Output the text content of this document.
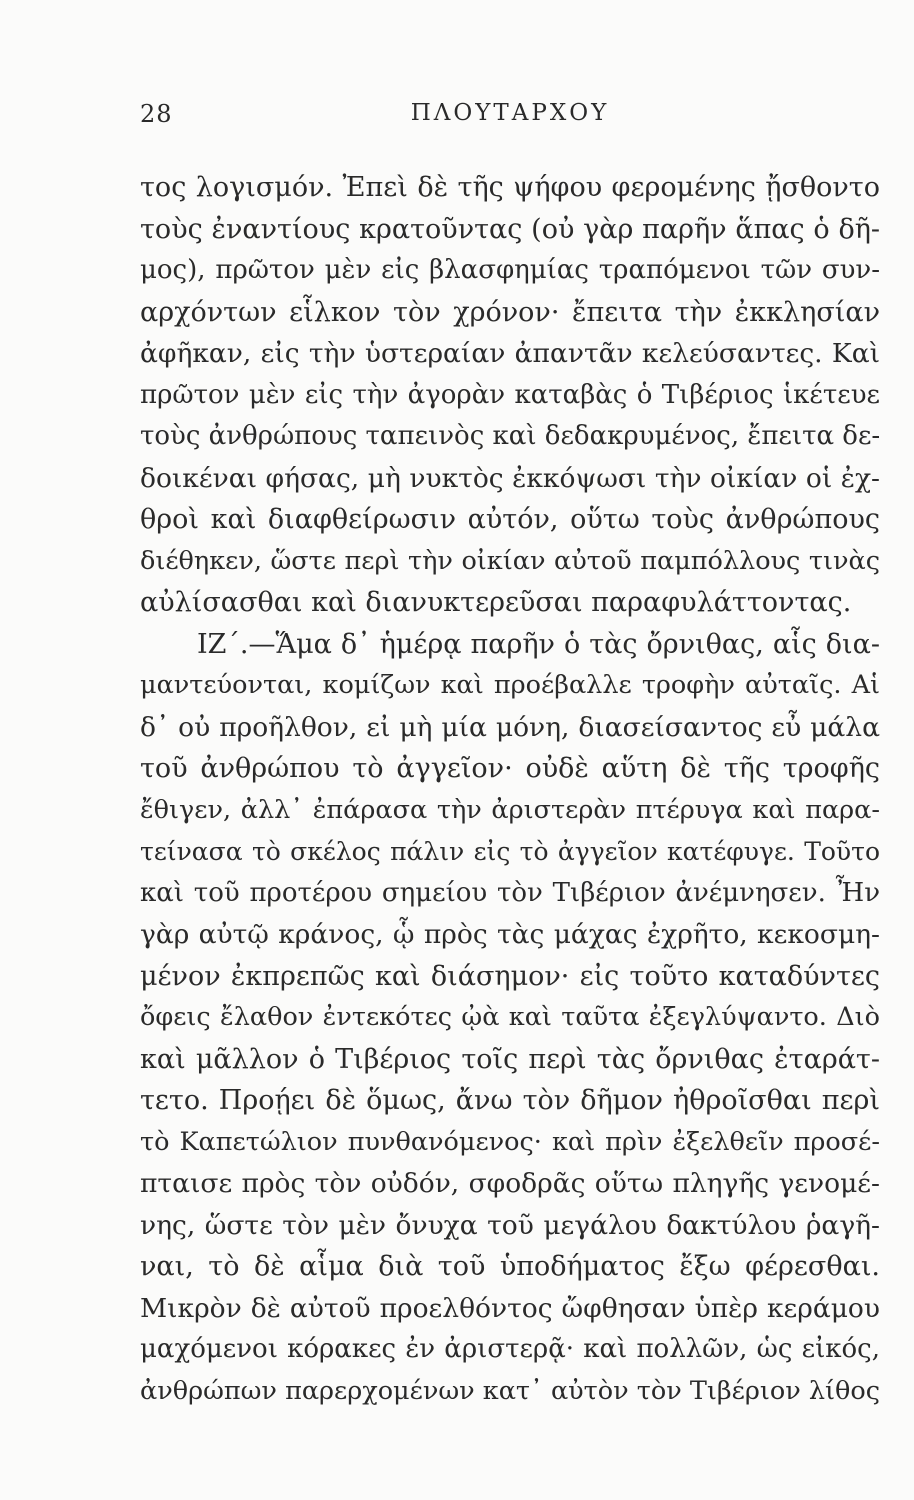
28	ΠΛΟΥΤΑΡΧΟΥ
τος λογισμόν. Ἐπεὶ δὲ τῆς ψήφου φερομένης ᾔσθοντο
τοὺς ἐναντίους κρατοῦντας (οὐ γὰρ παρῆν ἅπας ὁ δῆ-
μος), πρῶτον μὲν εἰς βλασφημίας τραπόμενοι τῶν συν-
αρχόντων εἷλκον τὸν χρόνον· ἔπειτα τὴν ἐκκλησίαν
ἀφῆκαν, εἰς τὴν ὑστεραίαν ἀπαντᾶν κελεύσαντες. Καὶ
πρῶτον μὲν εἰς τὴν ἀγορὰν καταβὰς ὁ Τιβέριος ἱκέτευε
τοὺς ἀνθρώπους ταπεινὸς καὶ δεδακρυμένος, ἔπειτα δε-
δοικέναι φήσας, μὴ νυκτὸς ἐκκόψωσι τὴν οἰκίαν οἱ ἐχ-
θροὶ καὶ διαφθείρωσιν αὐτόν, οὕτω τοὺς ἀνθρώπους
διέθηκεν, ὥστε περὶ τὴν οἰκίαν αὐτοῦ παμπόλλους τινὰς
αὐλίσασθαι καὶ διανυκτερεῦσαι παραφυλάττοντας.
ΙΖ΄.—Ἅμα δ᾽ ἡμέρᾳ παρῆν ὁ τὰς ὄρνιθας, αἷς δια-
μαντεύονται, κομίζων καὶ προέβαλλε τροφὴν αὐταῖς. Αἱ
δ᾽ οὐ προῆλθον, εἰ μὴ μία μόνη, διασείσαντος εὖ μάλα
τοῦ ἀνθρώπου τὸ ἀγγεῖον· οὐδὲ αὕτη δὲ τῆς τροφῆς
ἔθιγεν, ἀλλ᾽ ἐπάρασα τὴν ἀριστερὰν πτέρυγα καὶ παρα-
τείνασα τὸ σκέλος πάλιν εἰς τὸ ἀγγεῖον κατέφυγε. Τοῦτο
καὶ τοῦ προτέρου σημείου τὸν Τιβέριον ἀνέμνησεν. Ἦν
γὰρ αὐτῷ κράνος, ᾧ πρὸς τὰς μάχας ἐχρῆτο, κεκοσμη-
μένον ἐκπρεπῶς καὶ διάσημον· εἰς τοῦτο καταδύντες
ὄφεις ἔλαθον ἐντεκότες ᾠὰ καὶ ταῦτα ἐξεγλύψαντο. Διὸ
καὶ μᾶλλον ὁ Τιβέριος τοῖς περὶ τὰς ὄρνιθας ἐταράτ-
τετο. Προῄει δὲ ὅμως, ἄνω τὸν δῆμον ἠθροῖσθαι περὶ
τὸ Καπετώλιον πυνθανόμενος· καὶ πρὶν ἐξελθεῖν προσέ-
πταισε πρὸς τὸν οὐδόν, σφοδρᾶς οὕτω πληγῆς γενομέ-
νης, ὥστε τὸν μὲν ὄνυχα τοῦ μεγάλου δακτύλου ῥαγῆ-
ναι, τὸ δὲ αἷμα διὰ τοῦ ὑποδήματος ἔξω φέρεσθαι.
Μικρὸν δὲ αὐτοῦ προελθόντος ὤφθησαν ὑπὲρ κεράμου
μαχόμενοι κόρακες ἐν ἀριστερᾷ· καὶ πολλῶν, ὡς εἰκός,
ἀνθρώπων παρερχομένων κατ᾽ αὐτὸν τὸν Τιβέριον λίθος
